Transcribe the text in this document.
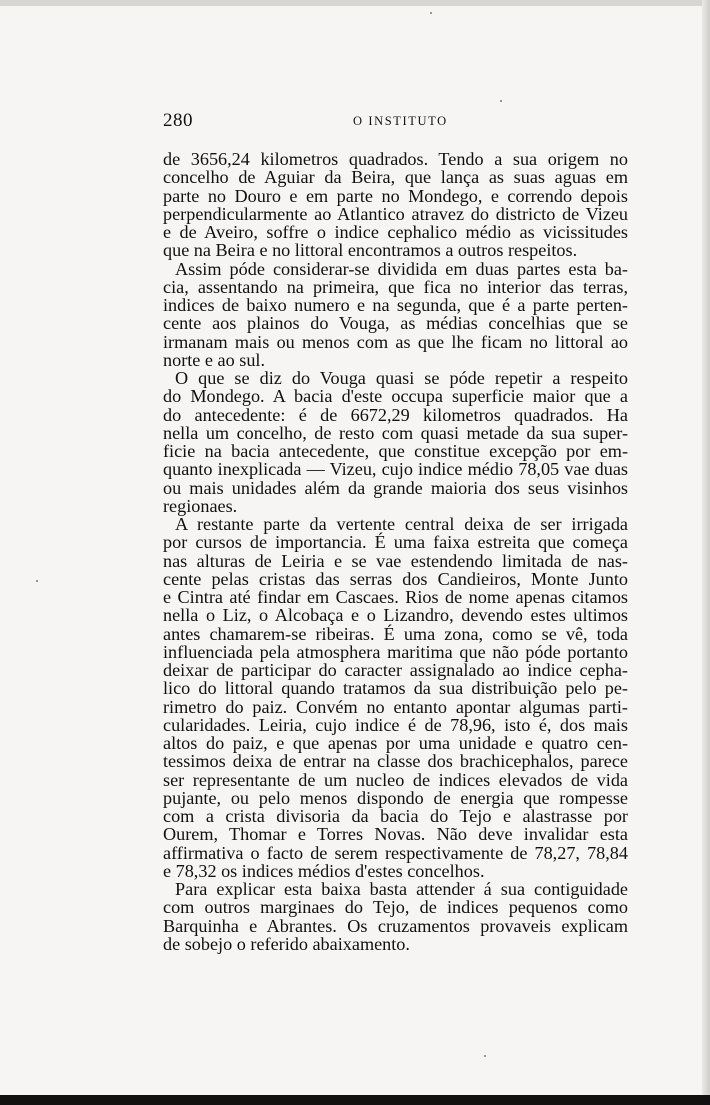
280	O INSTITUTO
de 3656,24 kilometros quadrados. Tendo a sua origem no
concelho de Aguiar da Beira, que lança as suas aguas em
parte no Douro e em parte no Mondego, e correndo depois
perpendicularmente ao Atlantico atravez do districto de Vizeu
e de Aveiro, soffre o indice cephalico médio as vicissitudes
que na Beira e no littoral encontramos a outros respeitos.
Assim póde considerar-se dividida em duas partes esta ba-
cia, assentando na primeira, que fica no interior das terras,
indices de baixo numero e na segunda, que é a parte perten-
cente aos plainos do Vouga, as médias concelhias que se
irmanam mais ou menos com as que lhe ficam no littoral ao
norte e ao sul.
O que se diz do Vouga quasi se póde repetir a respeito
do Mondego. A bacia d'este occupa superficie maior que a
do antecedente: é de 6672,29 kilometros quadrados. Ha
nella um concelho, de resto com quasi metade da sua super-
ficie na bacia antecedente, que constitue excepção por em-
quanto inexplicada — Vizeu, cujo indice médio 78,05 vae duas
ou mais unidades além da grande maioria dos seus visinhos
regionaes.
A restante parte da vertente central deixa de ser irrigada
por cursos de importancia. É uma faixa estreita que começa
nas alturas de Leiria e se vae estendendo limitada de nas-
cente pelas cristas das serras dos Candieiros, Monte Junto
e Cintra até findar em Cascaes. Rios de nome apenas citamos
nella o Liz, o Alcobaça e o Lizandro, devendo estes ultimos
antes chamarem-se ribeiras. É uma zona, como se vê, toda
influenciada pela atmosphera maritima que não póde portanto
deixar de participar do caracter assignalado ao indice cepha-
lico do littoral quando tratamos da sua distribuição pelo pe-
rimetro do paiz. Convém no entanto apontar algumas parti-
cularidades. Leiria, cujo indice é de 78,96, isto é, dos mais
altos do paiz, e que apenas por uma unidade e quatro cen-
tessimos deixa de entrar na classe dos brachicephalos, parece
ser representante de um nucleo de indices elevados de vida
pujante, ou pelo menos dispondo de energia que rompesse
com a crista divisoria da bacia do Tejo e alastrasse por
Ourem, Thomar e Torres Novas. Não deve invalidar esta
affirmativa o facto de serem respectivamente de 78,27, 78,84
e 78,32 os indices médios d'estes concelhos.
Para explicar esta baixa basta attender á sua contiguidade
com outros marginaes do Tejo, de indices pequenos como
Barquinha e Abrantes. Os cruzamentos provaveis explicam
de sobejo o referido abaixamento.
